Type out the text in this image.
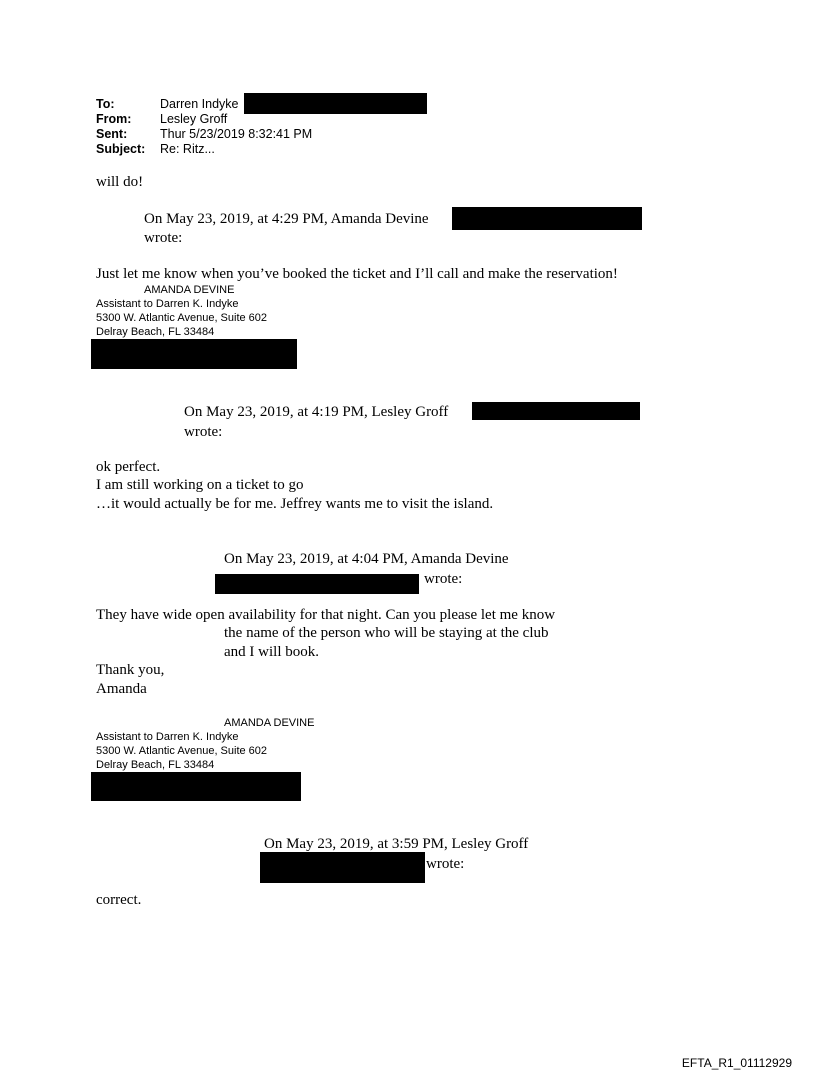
To:	Darren Indyke
From: Lesley Groff
Sent:	Thur 5/23/2019 8:32:41 PM
Subject: Re: Ritz...
will do!
On May 23, 2019, at 4:29 PM, Amanda Devine
wrote:
Just let me know when you’ve booked the ticket and I’ll call and make the reservation!
AMANDA DEVINE
Assistant to Darren K. Indyke
5300 W. Atlantic Avenue, Suite 602
Delray Beach, FL 33484
On May 23, 2019, at 4:19 PM, Lesley Groff
wrote:
ok perfect.
I am still working on a ticket to go
…it would actually be for me. Jeffrey wants me to visit the island.
On May 23, 2019, at 4:04 PM, Amanda Devine
wrote:
They have wide open availability for that night. Can you please let me know
the name of the person who will be staying at the club
and I will book.
Thank you,
Amanda
AMANDA DEVINE
Assistant to Darren K. Indyke
5300 W. Atlantic Avenue, Suite 602
Delray Beach, FL 33484
On May 23, 2019, at 3:59 PM, Lesley Groff
wrote:
correct.
EFTA_R1_01112929
